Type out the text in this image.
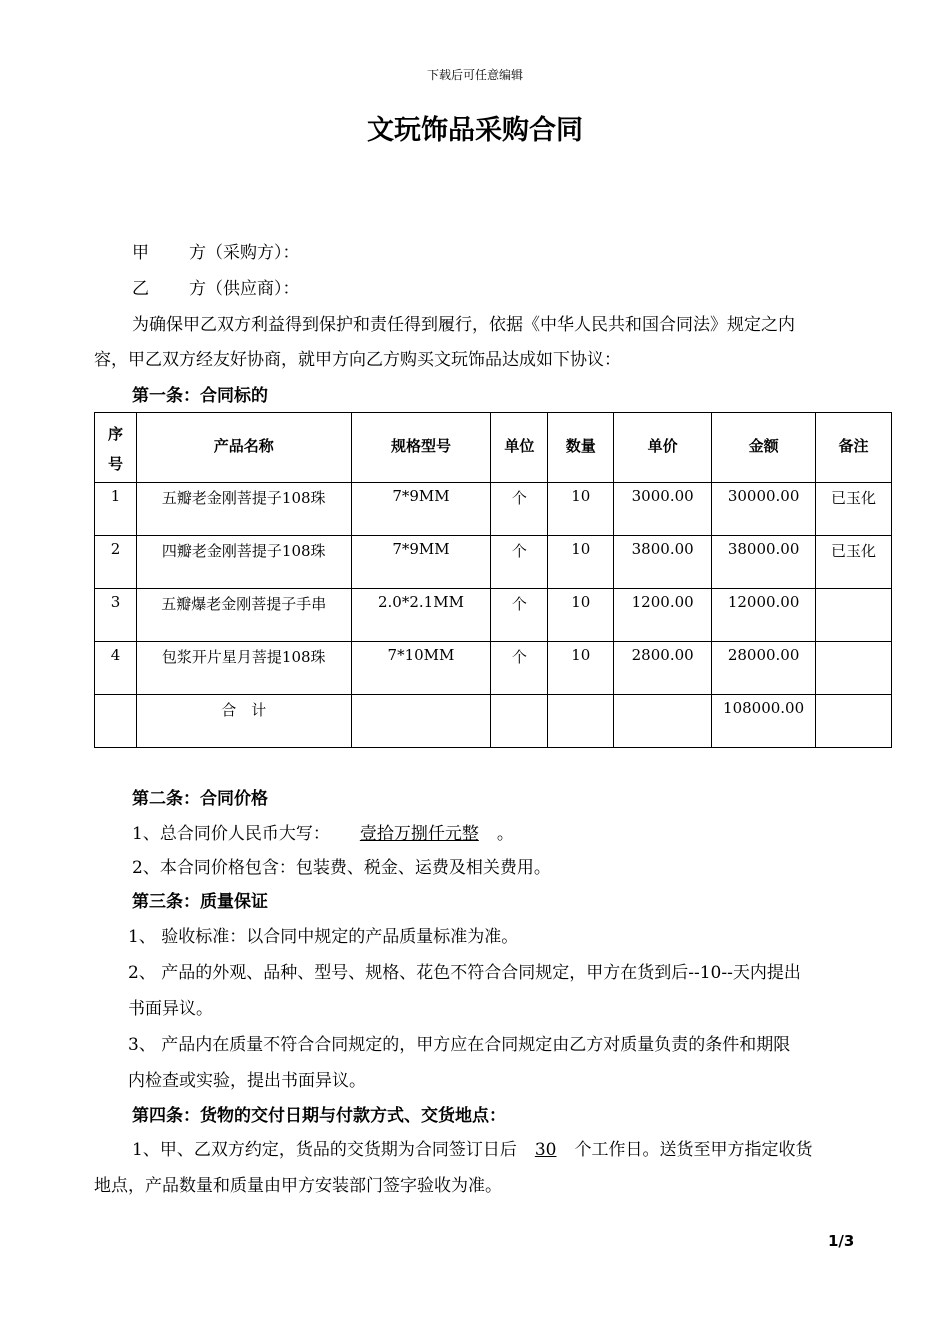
下载后可任意编辑
文玩饰品采购合同
甲 方（采购方）：
乙 方（供应商）：
为确保甲乙双方利益得到保护和责任得到履行，依据《中华人民共和国合同法》规定之内
容，甲乙双方经友好协商，就甲方向乙方购买文玩饰品达成如下协议：
第一条：合同标的
序
号	产品名称	规格型号	单位	数量	单价	金额	备注

1	五瓣老金刚菩提子108珠	7*9MM	个	10	3000.00	30000.00	已玉化

2	四瓣老金刚菩提子108珠	7*9MM	个	10	3800.00	38000.00	已玉化

3	五瓣爆老金刚菩提子手串	2.0*2.1MM	个	10	1200.00	12000.00	

4	包浆开片星月菩提108珠	7*10MM	个	10	2800.00	28000.00	

	合　计					108000.00	

第二条：合同价格
1、总合同价人民币大写： 壹拾万捌仟元整 。
2、本合同价格包含：包装费、税金、运费及相关费用。
第三条：质量保证
1、 验收标准：以合同中规定的产品质量标准为准。
2、 产品的外观、品种、型号、规格、花色不符合合同规定，甲方在货到后‐‐10‐‐天内提出
书面异议。
3、 产品内在质量不符合合同规定的，甲方应在合同规定由乙方对质量负责的条件和期限
内检查或实验，提出书面异议。
第四条：货物的交付日期与付款方式、交货地点：
1、甲、乙双方约定，货品的交货期为合同签订日后 30 个工作日。送货至甲方指定收货
地点，产品数量和质量由甲方安装部门签字验收为准。
1/3
